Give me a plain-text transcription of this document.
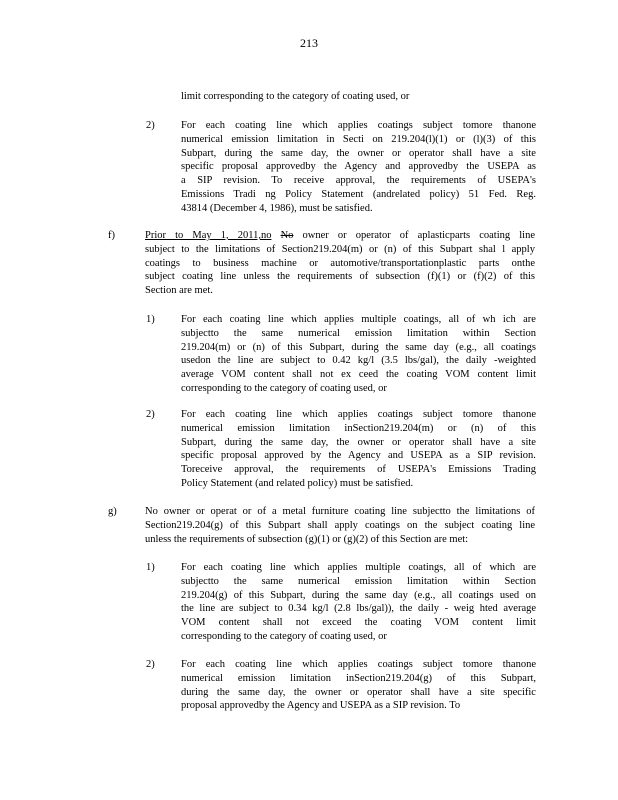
213
limit corresponding to the category of coating used, or
2)	For each coating line which applies coatings subject tomore thanone
numerical emission limitation in Secti on 219.204(l)(1) or (l)(3) of this
Subpart, during the same day, the owner or operator shall have a site
specific proposal approvedby the Agency and approvedby the USEPA as
a SIP revision. To receive approval, the requirements of USEPA's
Emissions Tradi ng Policy Statement (andrelated policy) 51 Fed. Reg.
43814 (December 4, 1986), must be satisfied.
f)	Prior to May 1, 2011,no No owner or operator of aplasticparts coating line
subject to the limitations of Section219.204(m) or (n) of this Subpart shal l apply
coatings to business machine or automotive/transportationplastic parts onthe
subject coating line unless the requirements of subsection (f)(1) or (f)(2) of this
Section are met.
1)	For each coating line which applies multiple coatings, all of wh ich are
subjectto the same numerical emission limitation within Section
219.204(m) or (n) of this Subpart, during the same day (e.g., all coatings
usedon the line are subject to 0.42 kg/l (3.5 lbs/gal), the daily -weighted
average VOM content shall not ex ceed the coating VOM content limit
corresponding to the category of coating used, or
2)	For each coating line which applies coatings subject tomore thanone
numerical emission limitation inSection219.204(m) or (n) of this
Subpart, during the same day, the owner or operator shall have a site
specific proposal approved by the Agency and USEPA as a SIP revision.
Toreceive approval, the requirements of USEPA's Emissions Trading
Policy Statement (and related policy) must be satisfied.
g)	No owner or operat or of a metal furniture coating line subjectto the limitations of
Section219.204(g) of this Subpart shall apply coatings on the subject coating line
unless the requirements of subsection (g)(1) or (g)(2) of this Section are met:
1)	For each coating line which applies multiple coatings, all of which are
subjectto the same numerical emission limitation within Section
219.204(g) of this Subpart, during the same day (e.g., all coatings used on
the line are subject to 0.34 kg/l (2.8 lbs/gal)), the daily - weig hted average
VOM content shall not exceed the coating VOM content limit
corresponding to the category of coating used, or
2)	For each coating line which applies coatings subject tomore thanone
numerical emission limitation inSection219.204(g) of this Subpart,
during the same day, the owner or operator shall have a site specific
proposal approvedby the Agency and USEPA as a SIP revision. To
